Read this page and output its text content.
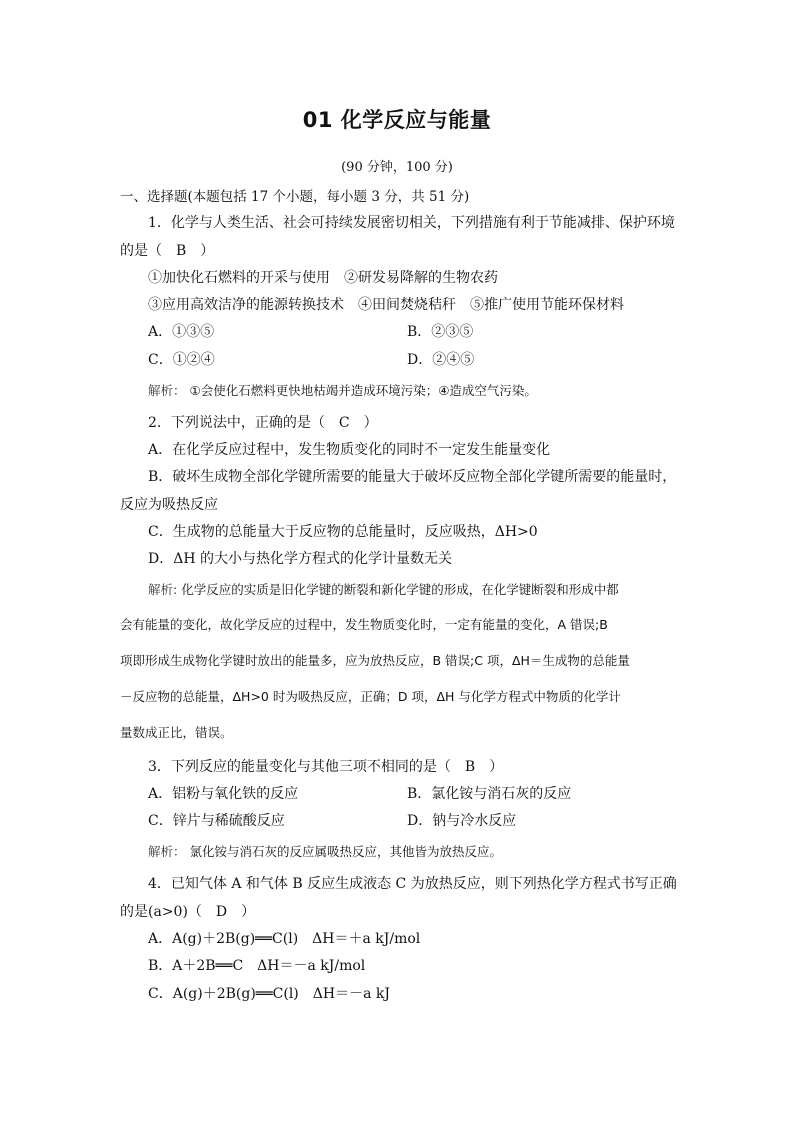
01 化学反应与能量
(90 分钟，100 分)
一、选择题(本题包括 17 个小题，每小题 3 分，共 51 分)
1．化学与人类生活、社会可持续发展密切相关，下列措施有利于节能减排、保护环境
的是（　B　）
①加快化石燃料的开采与使用　②研发易降解的生物农药
③应用高效洁净的能源转换技术　④田间焚烧秸秆　⑤推广使用节能环保材料
A．①③⑤	B．②③⑤
C．①②④	D．②④⑤
解析： ①会使化石燃料更快地枯竭并造成环境污染；④造成空气污染。
2．下列说法中，正确的是（　C　）
A．在化学反应过程中，发生物质变化的同时不一定发生能量变化
B．破坏生成物全部化学键所需要的能量大于破坏反应物全部化学键所需要的能量时，
反应为吸热反应
C．生成物的总能量大于反应物的总能量时，反应吸热，ΔH>0
D．ΔH 的大小与热化学方程式的化学计量数无关
解析: 化学反应的实质是旧化学键的断裂和新化学键的形成，在化学键断裂和形成中都
会有能量的变化，故化学反应的过程中，发生物质变化时，一定有能量的变化，A 错误;B
项即形成生成物化学键时放出的能量多，应为放热反应，B 错误;C 项，ΔH＝生成物的总能量
－反应物的总能量，ΔH>0 时为吸热反应，正确；D 项，ΔH 与化学方程式中物质的化学计
量数成正比，错误。
3．下列反应的能量变化与其他三项不相同的是（　B　）
A．铝粉与氧化铁的反应	B．氯化铵与消石灰的反应
C．锌片与稀硫酸反应	D．钠与冷水反应
解析： 氯化铵与消石灰的反应属吸热反应，其他皆为放热反应。
4．已知气体 A 和气体 B 反应生成液态 C 为放热反应，则下列热化学方程式书写正确
的是(a>0)（　D　）
A．A(g)＋2B(g)══C(l)　ΔH＝＋a kJ/mol
B．A＋2B══C　ΔH＝－a kJ/mol
C．A(g)＋2B(g)══C(l)　ΔH＝－a kJ
